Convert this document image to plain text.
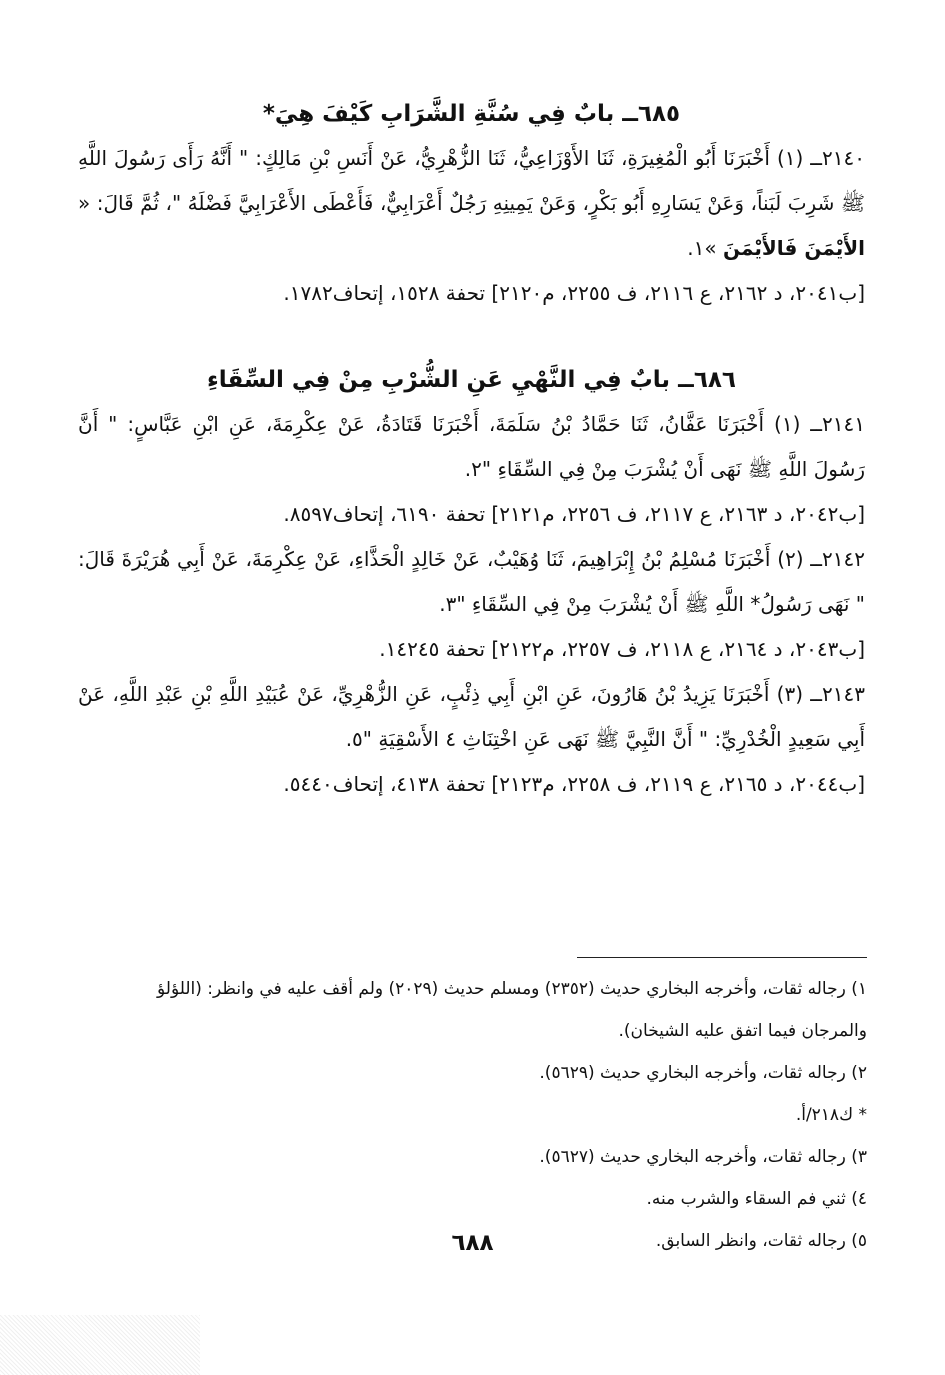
٦٨٥ــ بابٌ فِي سُنَّةِ الشَّرَابِ كَيْفَ هِيَ*

٢١٤٠ــ (١) أَخْبَرَنَا أَبُو الْمُغِيرَةِ، ثَنَا الأَوْزَاعِيُّ، ثَنَا الزُّهْرِيُّ، عَنْ أَنَسِ بْنِ مَالِكٍ: " أَنَّهُ رَأَى رَسُولَ اللَّهِ ﷺ شَرِبَ لَبَناً، وَعَنْ يَسَارِهِ أَبُو بَكْرٍ، وَعَنْ يَمِينِهِ رَجُلٌ أَعْرَابِيٌّ، فَأَعْطَى الأَعْرَابِيَّ فَضْلَهُ "، ثُمَّ قَالَ: « الأَيْمَنَ فَالأَيْمَنَ »١.

[ب٢٠٤١، د ٢١٦٢، ع ٢١١٦، ف ٢٢٥٥، م٢١٢٠] تحفة ١٥٢٨، إتحاف١٧٨٢.

٦٨٦ــ بابٌ فِي النَّهْيِ عَنِ الشُّرْبِ مِنْ فِي السِّقَاءِ

٢١٤١ــ (١) أَخْبَرَنَا عَفَّانُ، ثَنَا حَمَّادُ بْنُ سَلَمَةَ، أَخْبَرَنَا قَتَادَةُ، عَنْ عِكْرِمَةَ، عَنِ ابْنِ عَبَّاسٍ: " أَنَّ رَسُولَ اللَّهِ ﷺ نَهَى أَنْ يُشْرَبَ مِنْ فِي السِّقَاءِ "٢.

[ب٢٠٤٢، د ٢١٦٣، ع ٢١١٧، ف ٢٢٥٦، م٢١٢١] تحفة ٦١٩٠، إتحاف٨٥٩٧.

٢١٤٢ــ (٢) أَخْبَرَنَا مُسْلِمُ بْنُ إِبْرَاهِيمَ، ثَنَا وُهَيْبٌ، عَنْ خَالِدٍ الْحَذَّاءِ، عَنْ عِكْرِمَةَ، عَنْ أَبِي هُرَيْرَةَ قَالَ: " نَهَى رَسُولُ* اللَّهِ ﷺ أَنْ يُشْرَبَ مِنْ فِي السِّقَاءِ "٣.

[ب٢٠٤٣، د ٢١٦٤، ع ٢١١٨، ف ٢٢٥٧، م٢١٢٢] تحفة ١٤٢٤٥.

٢١٤٣ــ (٣) أَخْبَرَنَا يَزِيدُ بْنُ هَارُونَ، عَنِ ابْنِ أَبِي ذِئْبٍ، عَنِ الزُّهْرِيِّ، عَنْ عُبَيْدِ اللَّهِ بْنِ عَبْدِ اللَّهِ، عَنْ أَبِي سَعِيدٍ الْخُدْرِيِّ: " أَنَّ النَّبِيَّ ﷺ نَهَى عَنِ اخْتِنَاثِ ٤ الأَسْقِيَةِ "٥.

[ب٢٠٤٤، د ٢١٦٥، ع ٢١١٩، ف ٢٢٥٨، م٢١٢٣] تحفة ٤١٣٨، إتحاف٥٤٤٠.

١) رجاله ثقات، وأخرجه البخاري حديث (٢٣٥٢) ومسلم حديث (٢٠٢٩) ولم أقف عليه في وانظر: (اللؤلؤ

والمرجان فيما اتفق عليه الشيخان).

٢) رجاله ثقات، وأخرجه البخاري حديث (٥٦٢٩).

* ك٢١٨/أ.

٣) رجاله ثقات، وأخرجه البخاري حديث (٥٦٢٧).

٤) ثني فم السقاء والشرب منه.

٥) رجاله ثقات، وانظر السابق.

٦٨٨
